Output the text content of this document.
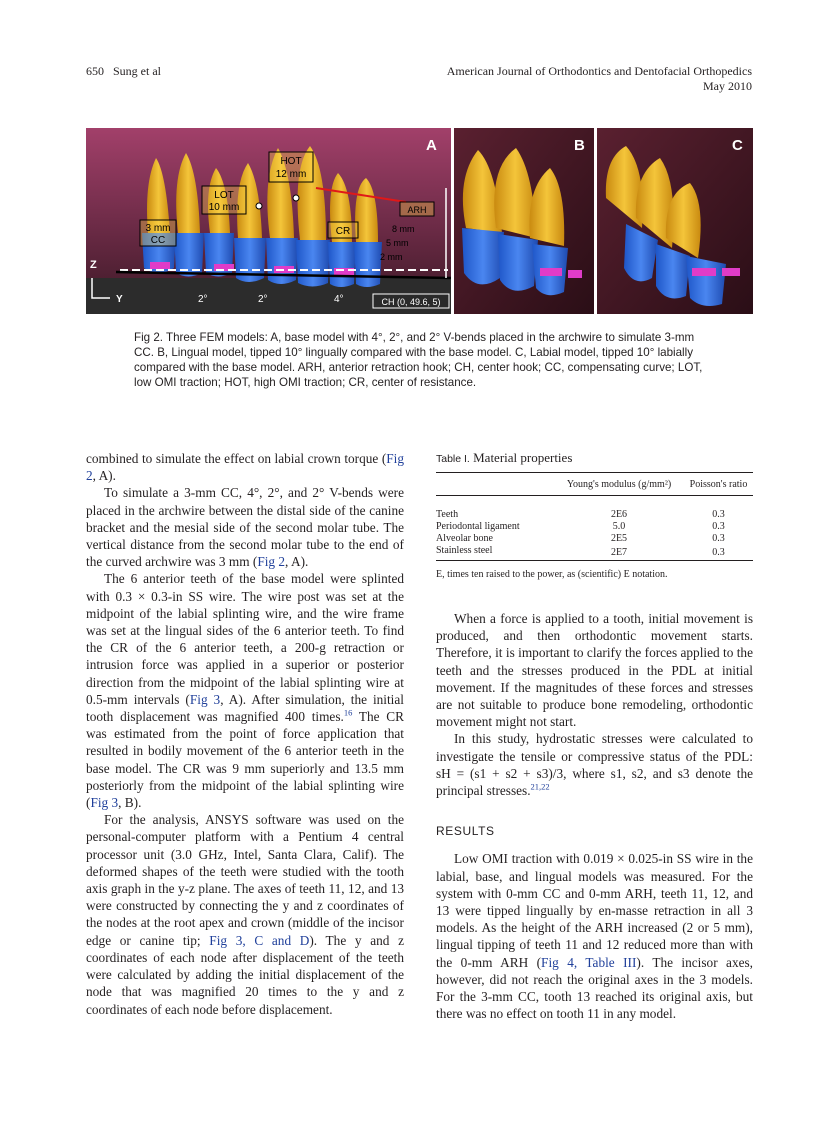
650 Sung et al	American Journal of Orthodontics and Dentofacial Orthopedics
May 2010
HOT
12 mm
LOT
10 mm
3 mm
CC
CR
ARH
8 mm
5 mm
2 mm
CH (0, 49.6, 5)
Z
Y	2°	2°	4°
A	B	C
Fig 2. Three FEM models: A, base model with 4°, 2°, and 2° V-bends placed in the archwire to simulate 3-mm CC. B, Lingual model, tipped 10° lingually compared with the base model. C, Labial model, tipped 10° labially compared with the base model. ARH, anterior retraction hook; CH, center hook; CC, compensating curve; LOT, low OMI traction; HOT, high OMI traction; CR, center of resistance.

combined to simulate the effect on labial crown torque (Fig 2, A).

To simulate a 3-mm CC, 4°, 2°, and 2° V-bends were placed in the archwire between the distal side of the canine bracket and the mesial side of the second molar tube. The vertical distance from the second molar tube to the end of the curved archwire was 3 mm (Fig 2, A).

The 6 anterior teeth of the base model were splinted with 0.3 × 0.3-in SS wire. The wire post was set at the midpoint of the labial splinting wire, and the wire frame was set at the lingual sides of the 6 anterior teeth. To find the CR of the 6 anterior teeth, a 200-g retraction or intrusion force was applied in a superior or posterior direction from the midpoint of the labial splinting wire at 0.5-mm intervals (Fig 3, A). After simulation, the initial tooth displacement was magnified 400 times.$^{16}$ The CR was estimated from the point of force application that resulted in bodily movement of the 6 anterior teeth in the base model. The CR was 9 mm superiorly and 13.5 mm posteriorly from the midpoint of the labial splinting wire (Fig 3, B).

For the analysis, ANSYS software was used on the personal-computer platform with a Pentium 4 central processor unit (3.0 GHz, Intel, Santa Clara, Calif). The deformed shapes of the teeth were studied with the tooth axis graph in the y-z plane. The axes of teeth 11, 12, and 13 were constructed by connecting the y and z coordinates of the nodes at the root apex and crown (middle of the incisor edge or canine tip; Fig 3, C and D). The y and z coordinates of each node after displacement of the teeth were calculated by adding the initial displacement of the node that was magnified 20 times to the y and z coordinates of each node before displacement.

Table I. Material properties
	Young's modulus (g/mm²)	Poisson's ratio

Teeth	2E6	0.3
Periodontal ligament	5.0	0.3
Alveolar bone	2E5	0.3
Stainless steel	2E7	0.3
E, times ten raised to the power, as (scientific) E notation.

When a force is applied to a tooth, initial movement is produced, and then orthodontic movement starts. Therefore, it is important to clarify the forces applied to the teeth and the stresses produced in the PDL at initial movement. If the magnitudes of these forces and stresses are not suitable to produce bone remodeling, orthodontic movement might not start.

In this study, hydrostatic stresses were calculated to investigate the tensile or compressive status of the PDL: sH = (s1 + s2 + s3)/3, where s1, s2, and s3 denote the principal stresses.$^{21,22}$

RESULTS

Low OMI traction with 0.019 × 0.025-in SS wire in the labial, base, and lingual models was measured. For the system with 0-mm CC and 0-mm ARH, teeth 11, 12, and 13 were tipped lingually by en-masse retraction in all 3 models. As the height of the ARH increased (2 or 5 mm), lingual tipping of teeth 11 and 12 reduced more than with the 0-mm ARH (Fig 4, Table III). The incisor axes, however, did not reach the original axes in the 3 models. For the 3-mm CC, tooth 13 reached its original axis, but there was no effect on tooth 11 in any model.
